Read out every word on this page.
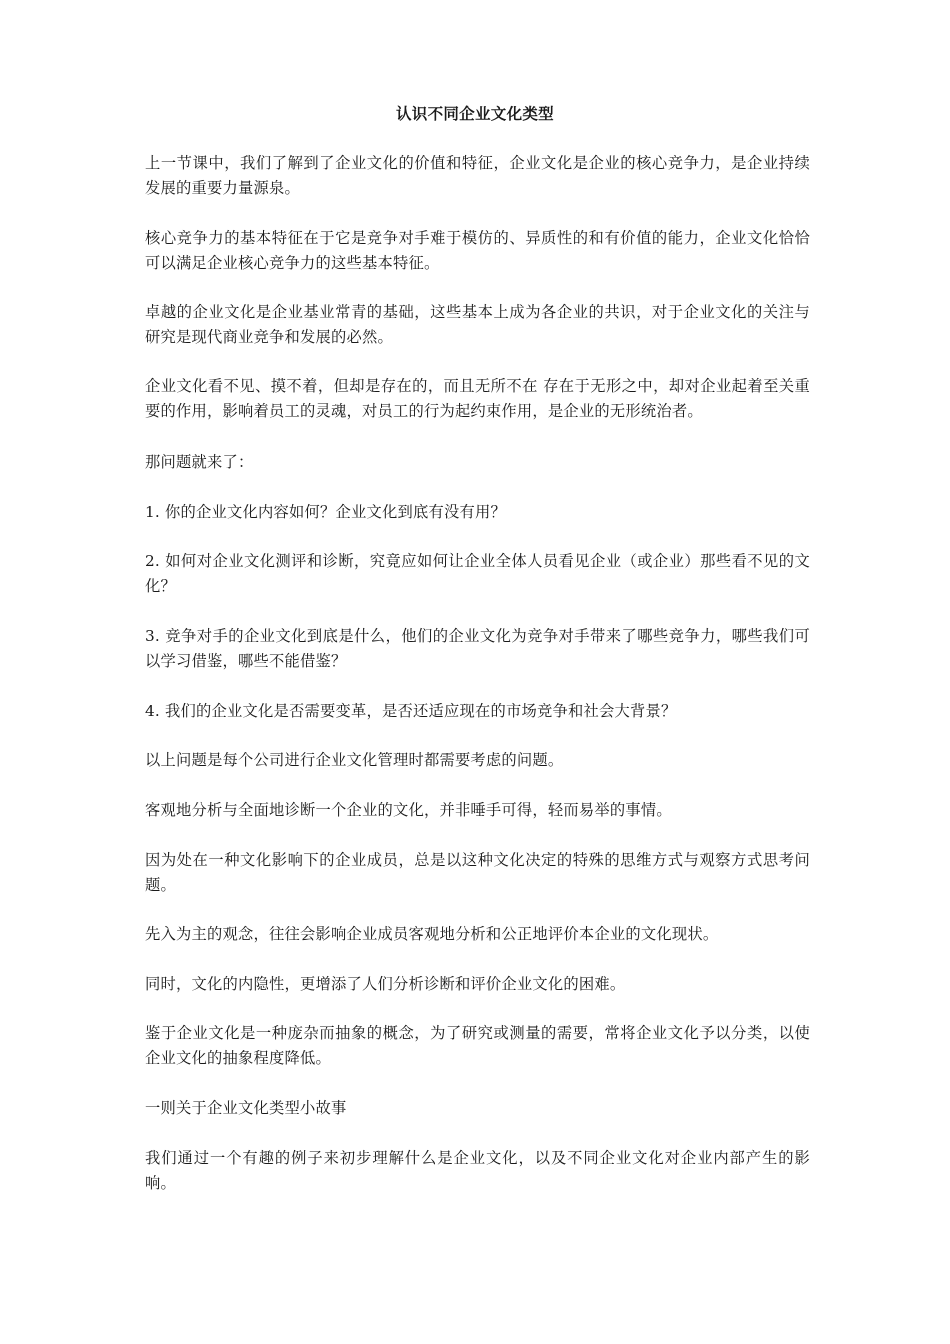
认识不同企业文化类型

上一节课中，我们了解到了企业文化的价值和特征，企业文化是企业的核心竞争力，是企业持续发展的重要力量源泉。

核心竞争力的基本特征在于它是竞争对手难于模仿的、异质性的和有价值的能力，企业文化恰恰可以满足企业核心竞争力的这些基本特征。

卓越的企业文化是企业基业常青的基础，这些基本上成为各企业的共识，对于企业文化的关注与研究是现代商业竞争和发展的必然。

企业文化看不见、摸不着，但却是存在的，而且无所不在 存在于无形之中，却对企业起着至关重要的作用，影响着员工的灵魂，对员工的行为起约束作用，是企业的无形统治者。

那问题就来了：

1. 你的企业文化内容如何？企业文化到底有没有用？

2. 如何对企业文化测评和诊断，究竟应如何让企业全体人员看见企业（或企业）那些看不见的文化？

3. 竞争对手的企业文化到底是什么，他们的企业文化为竞争对手带来了哪些竞争力，哪些我们可以学习借鉴，哪些不能借鉴？

4. 我们的企业文化是否需要变革，是否还适应现在的市场竞争和社会大背景？

以上问题是每个公司进行企业文化管理时都需要考虑的问题。

客观地分析与全面地诊断一个企业的文化，并非唾手可得，轻而易举的事情。

因为处在一种文化影响下的企业成员，总是以这种文化决定的特殊的思维方式与观察方式思考问题。

先入为主的观念，往往会影响企业成员客观地分析和公正地评价本企业的文化现状。

同时，文化的内隐性，更增添了人们分析诊断和评价企业文化的困难。

鉴于企业文化是一种庞杂而抽象的概念，为了研究或测量的需要，常将企业文化予以分类，以使企业文化的抽象程度降低。

一则关于企业文化类型小故事

我们通过一个有趣的例子来初步理解什么是企业文化，以及不同企业文化对企业内部产生的影响。
